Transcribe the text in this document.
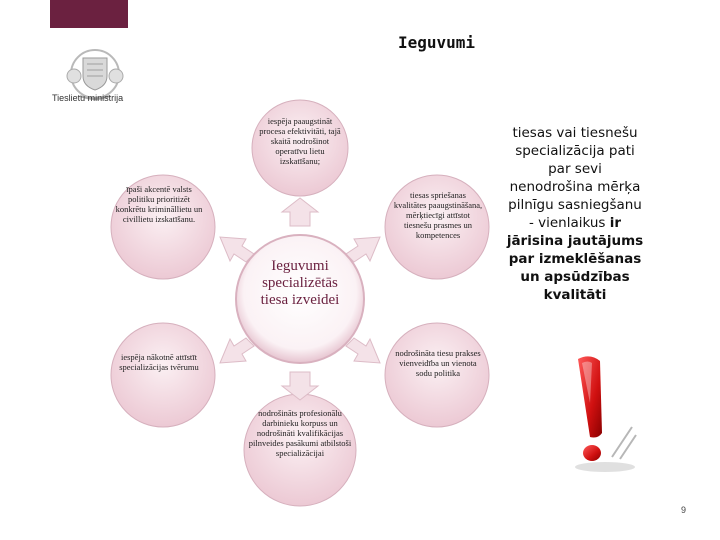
Tieslietu ministrija
Ieguvumi
iespēja paaugstināt procesa efektivitāti, tajā skaitā nodrošinot operatīvu lietu izskatīšanu;
īpaši akcentē valsts politiku prioritizēt konkrētu krimināllietu un civillietu izskatīšanu.
tiesas spriešanas kvalitātes paaugstināšana, mērķtiecīgi attīstot tiesnešu prasmes un kompetences
iespēja nākotnē attīstīt specializācijas tvērumu
nodrošināta tiesu prakses vienveidība un vienota sodu politika
nodrošināts profesionālu darbinieku korpuss un nodrošināti kvalifikācijas pilnveides pasākumi atbilstoši specializācijai
Ieguvumi specializētās tiesa izveidei
tiesas vai tiesnešu specializācija pati par sevi nenodrošina mērķa pilnīgu sasniegšanu - vienlaikus ir jārisina jautājums par izmeklēšanas un apsūdzības kvalitāti
9
